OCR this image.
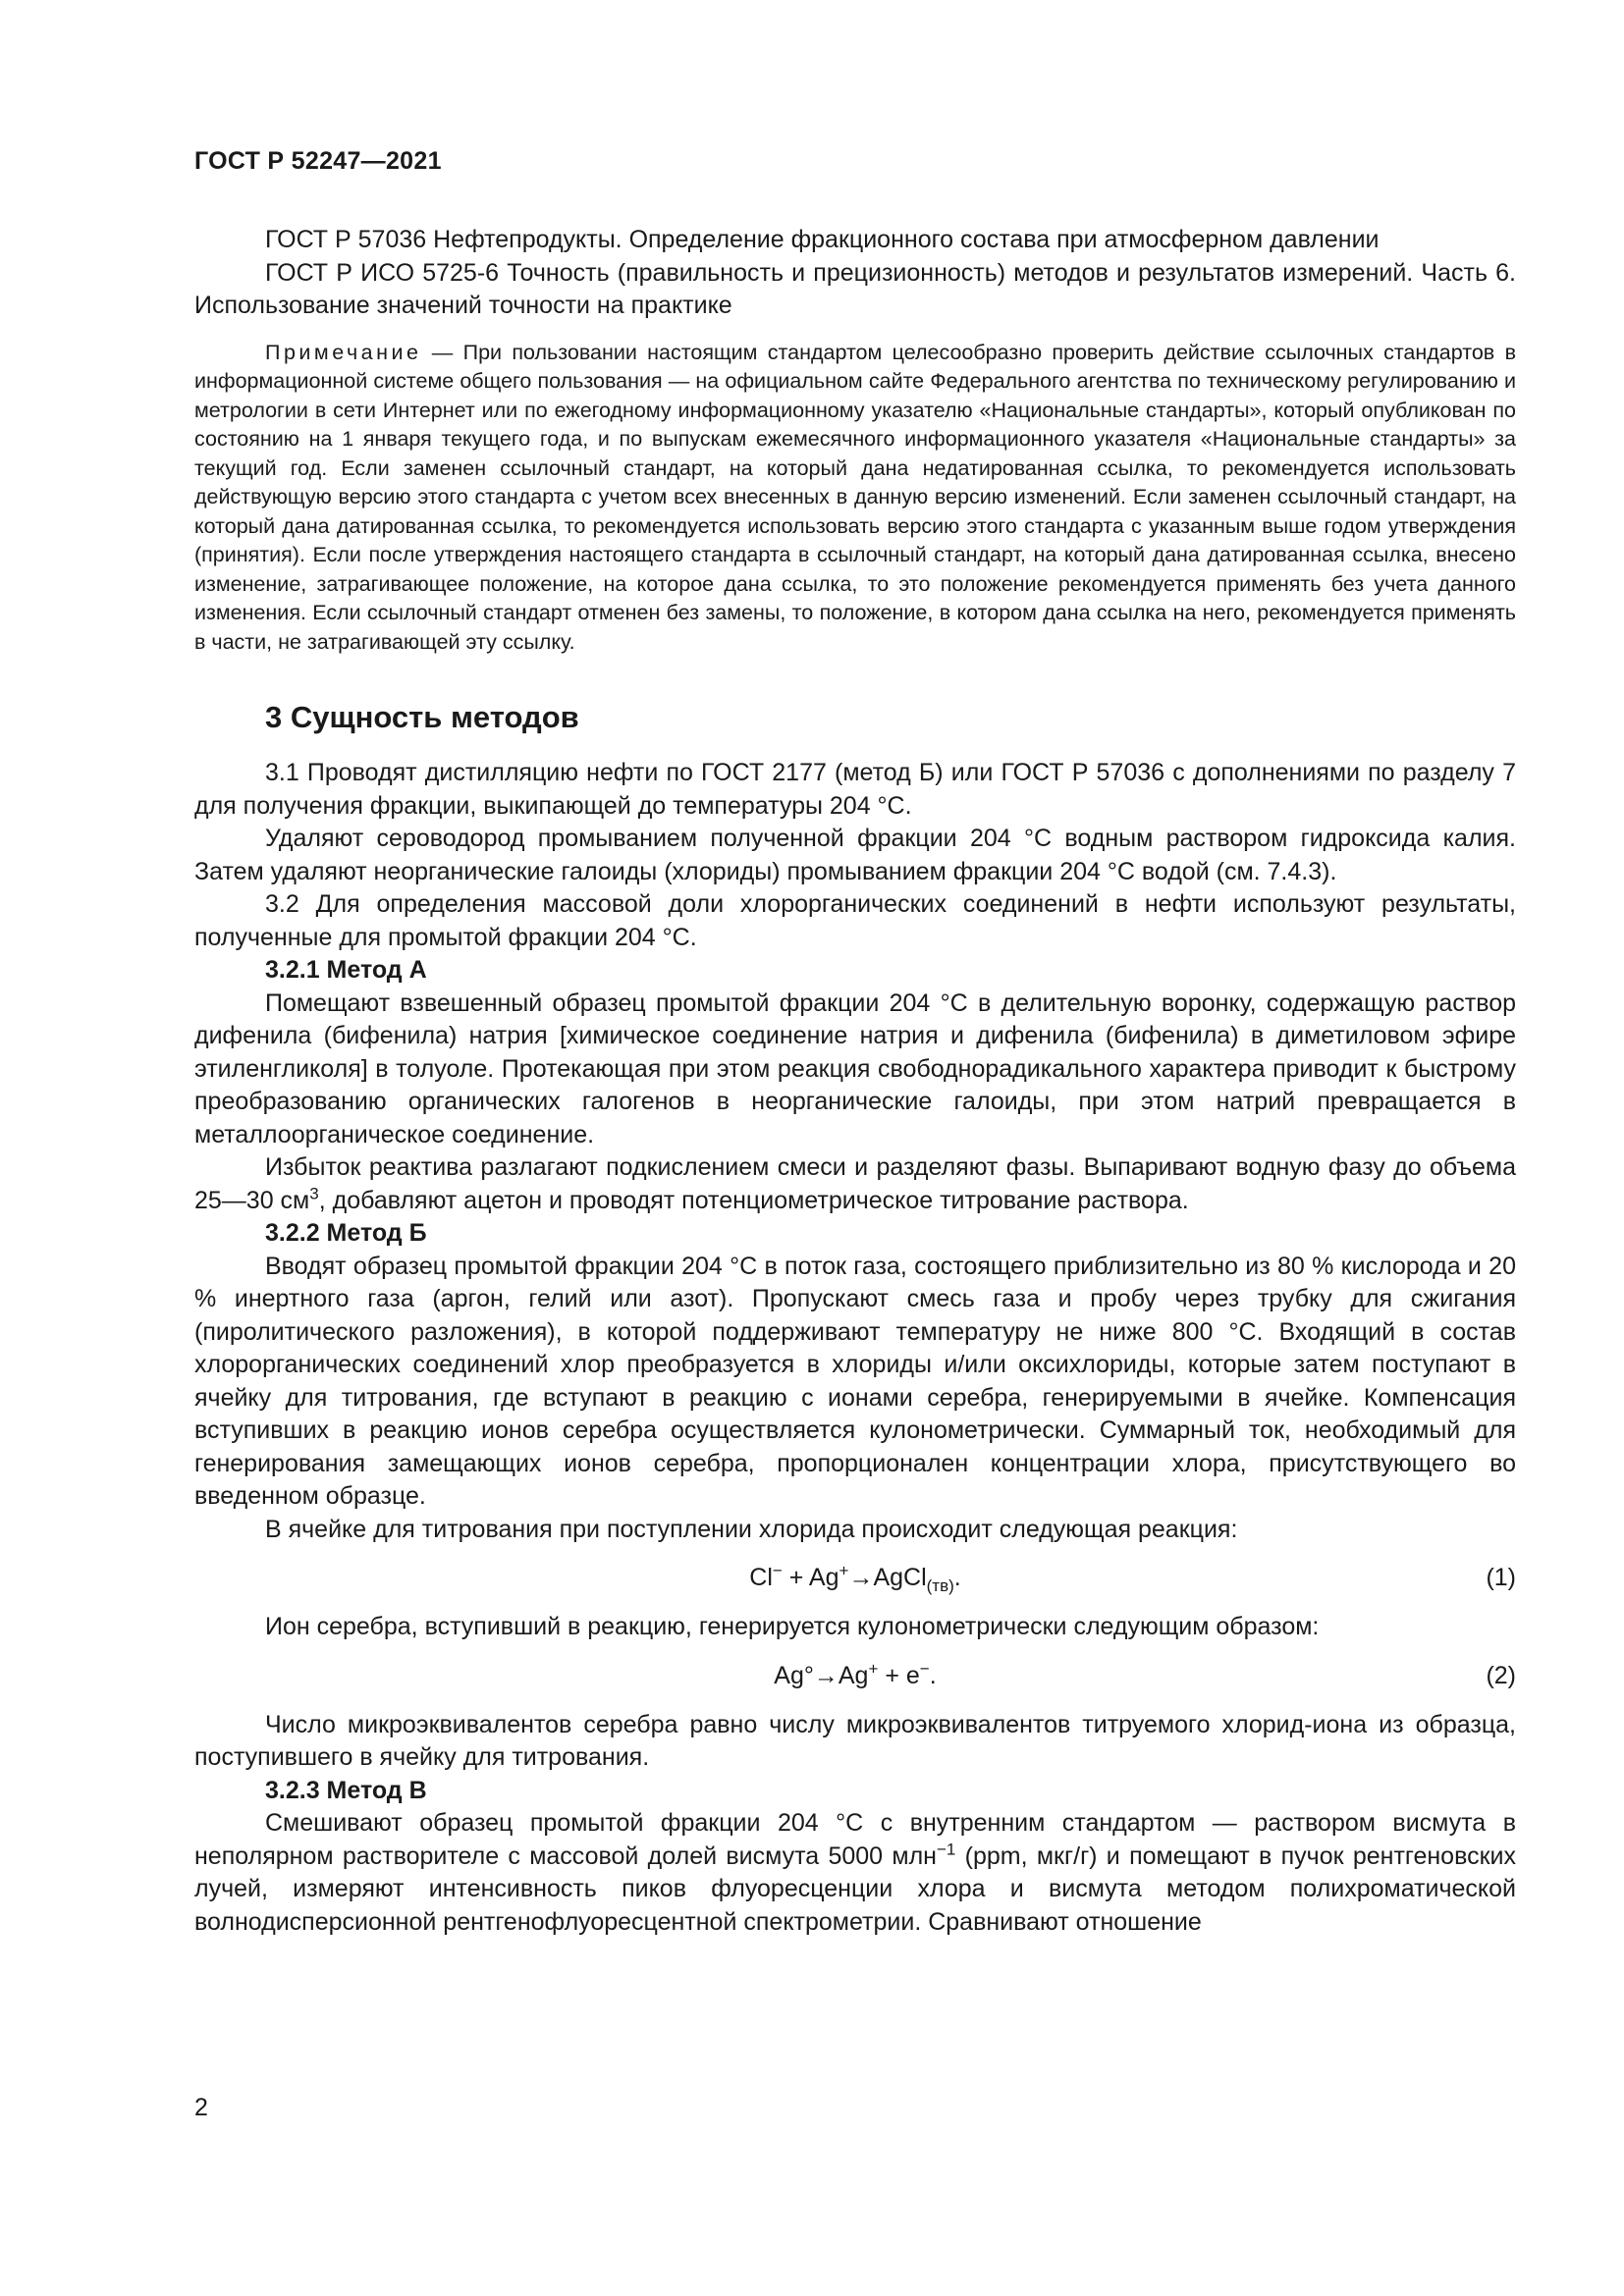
ГОСТ Р 52247—2021

ГОСТ Р 57036 Нефтепродукты. Определение фракционного состава при атмосферном давлении

ГОСТ Р ИСО 5725-6 Точность (правильность и прецизионность) методов и результатов измерений. Часть 6. Использование значений точности на практике

Примечание — При пользовании настоящим стандартом целесообразно проверить действие ссылочных стандартов в информационной системе общего пользования — на официальном сайте Федерального агентства по техническому регулированию и метрологии в сети Интернет или по ежегодному информационному указателю «Национальные стандарты», который опубликован по состоянию на 1 января текущего года, и по выпускам ежемесячного информационного указателя «Национальные стандарты» за текущий год. Если заменен ссылочный стандарт, на который дана недатированная ссылка, то рекомендуется использовать действующую версию этого стандарта с учетом всех внесенных в данную версию изменений. Если заменен ссылочный стандарт, на который дана датированная ссылка, то рекомендуется использовать версию этого стандарта с указанным выше годом утверждения (принятия). Если после утверждения настоящего стандарта в ссылочный стандарт, на который дана датированная ссылка, внесено изменение, затрагивающее положение, на которое дана ссылка, то это положение рекомендуется применять без учета данного изменения. Если ссылочный стандарт отменен без замены, то положение, в котором дана ссылка на него, рекомендуется применять в части, не затрагивающей эту ссылку.

3 Сущность методов

3.1 Проводят дистилляцию нефти по ГОСТ 2177 (метод Б) или ГОСТ Р 57036 с дополнениями по разделу 7 для получения фракции, выкипающей до температуры 204 °С.

Удаляют сероводород промыванием полученной фракции 204 °С водным раствором гидроксида калия. Затем удаляют неорганические галоиды (хлориды) промыванием фракции 204 °С водой (см. 7.4.3).

3.2 Для определения массовой доли хлорорганических соединений в нефти используют результаты, полученные для промытой фракции 204 °С.

3.2.1 Метод А

Помещают взвешенный образец промытой фракции 204 °С в делительную воронку, содержащую раствор дифенила (бифенила) натрия [химическое соединение натрия и дифенила (бифенила) в диметиловом эфире этиленгликоля] в толуоле. Протекающая при этом реакция свободнорадикального характера приводит к быстрому преобразованию органических галогенов в неорганические галоиды, при этом натрий превращается в металлоорганическое соединение.

Избыток реактива разлагают подкислением смеси и разделяют фазы. Выпаривают водную фазу до объема 25—30 $см^3$, добавляют ацетон и проводят потенциометрическое титрование раствора.

3.2.2 Метод Б

Вводят образец промытой фракции 204 °С в поток газа, состоящего приблизительно из 80 % кислорода и 20 % инертного газа (аргон, гелий или азот). Пропускают смесь газа и пробу через трубку для сжигания (пиролитического разложения), в которой поддерживают температуру не ниже 800 °С. Входящий в состав хлорорганических соединений хлор преобразуется в хлориды и/или оксихлориды, которые затем поступают в ячейку для титрования, где вступают в реакцию с ионами серебра, генерируемыми в ячейке. Компенсация вступивших в реакцию ионов серебра осуществляется кулонометрически. Суммарный ток, необходимый для генерирования замещающих ионов серебра, пропорционален концентрации хлора, присутствующего во введенном образце.

В ячейке для титрования при поступлении хлорида происходит следующая реакция:

Cl− + Ag+→AgCl$_{(тв)}$.	(1)

Ион серебра, вступивший в реакцию, генерируется кулонометрически следующим образом:

Ag°→Ag+ + e−.	(2)

Число микроэквивалентов серебра равно числу микроэквивалентов титруемого хлорид-иона из образца, поступившего в ячейку для титрования.

3.2.3 Метод В

Смешивают образец промытой фракции 204 °С с внутренним стандартом — раствором висмута в неполярном растворителе с массовой долей висмута 5000 млн$^{-1}$ (ppm, мкг/г) и помещают в пучок рентгеновских лучей, измеряют интенсивность пиков флуоресценции хлора и висмута методом полихроматической волнодисперсионной рентгенофлуоресцентной спектрометрии. Сравнивают отношение

2
